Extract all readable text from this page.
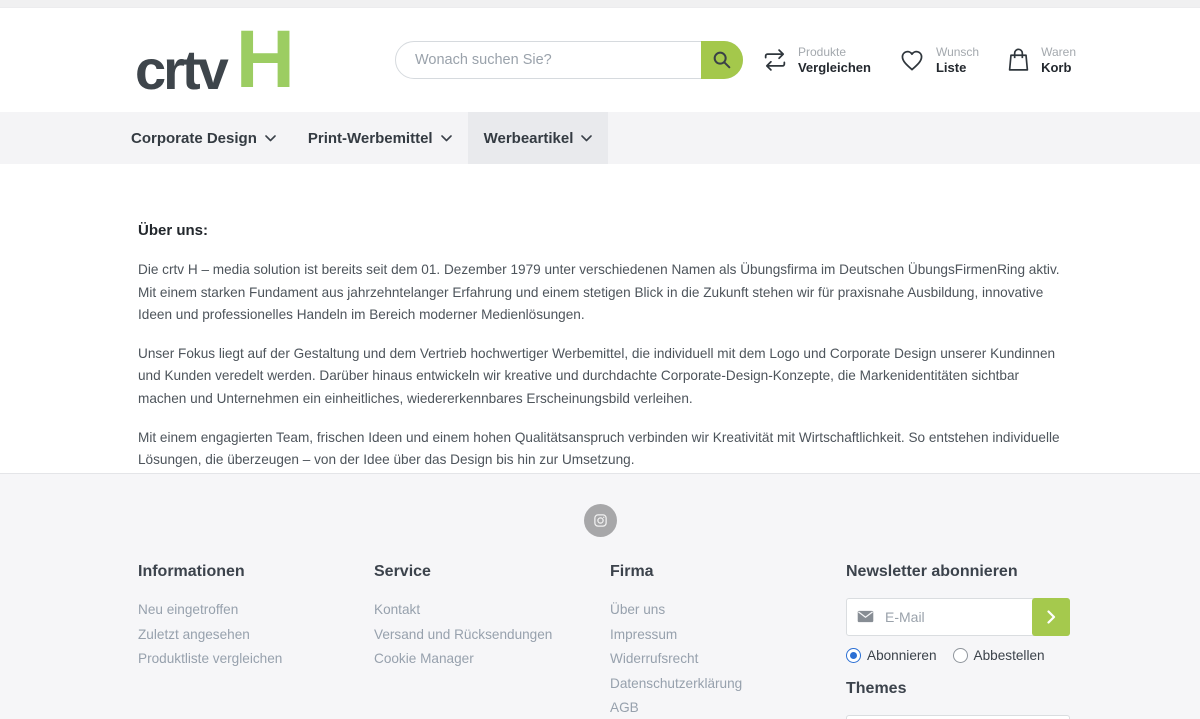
crtv H
Wonach suchen Sie?	Produkte
Vergleichen
Wunsch
Liste
Waren
Korb
Corporate Design	Print-Werbemittel	Werbeartikel
Über uns:

Die crtv H – media solution ist bereits seit dem 01. Dezember 1979 unter verschiedenen Namen als Übungsfirma im Deutschen ÜbungsFirmenRing aktiv. Mit einem starken Fundament aus jahrzehntelanger Erfahrung und einem stetigen Blick in die Zukunft stehen wir für praxisnahe Ausbildung, innovative Ideen und professionelles Handeln im Bereich moderner Medienlösungen.

Unser Fokus liegt auf der Gestaltung und dem Vertrieb hochwertiger Werbemittel, die individuell mit dem Logo und Corporate Design unserer Kundinnen und Kunden veredelt werden. Darüber hinaus entwickeln wir kreative und durchdachte Corporate-Design-Konzepte, die Markenidentitäten sichtbar machen und Unternehmen ein einheitliches, wiedererkennbares Erscheinungsbild verleihen.

Mit einem engagierten Team, frischen Ideen und einem hohen Qualitätsanspruch verbinden wir Kreativität mit Wirtschaftlichkeit. So entstehen individuelle Lösungen, die überzeugen – von der Idee über das Design bis hin zur Umsetzung.

Informationen
Neu eingetroffen
Zuletzt angesehen
Produktliste vergleichen
Service
Kontakt
Versand und Rücksendungen
Cookie Manager
Firma
Über uns
Impressum
Widerrufsrecht
Datenschutzerklärung
AGB
Newsletter abonnieren
E-Mail
Abonnieren	Abbestellen
Themes
